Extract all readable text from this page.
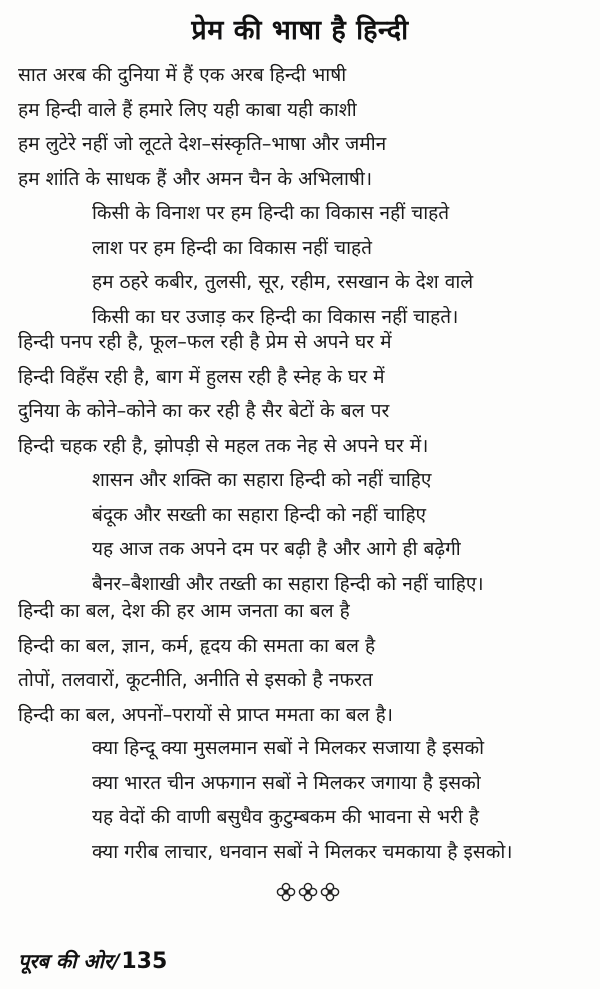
प्रेम की भाषा है हिन्दी
सात अरब की दुनिया में हैं एक अरब हिन्दी भाषी
हम हिन्दी वाले हैं हमारे लिए यही काबा यही काशी
हम लुटेरे नहीं जो लूटते देश–संस्कृति–भाषा और जमीन
हम शांति के साधक हैं और अमन चैन के अभिलाषी।
किसी के विनाश पर हम हिन्दी का विकास नहीं चाहते
लाश पर हम हिन्दी का विकास नहीं चाहते
हम ठहरे कबीर, तुलसी, सूर, रहीम, रसखान के देश वाले
किसी का घर उजाड़ कर हिन्दी का विकास नहीं चाहते।
हिन्दी पनप रही है, फूल–फल रही है प्रेम से अपने घर में
हिन्दी विहँस रही है, बाग में हुलस रही है स्नेह के घर में
दुनिया के कोने–कोने का कर रही है सैर बेटों के बल पर
हिन्दी चहक रही है, झोपड़ी से महल तक नेह से अपने घर में।
शासन और शक्ति का सहारा हिन्दी को नहीं चाहिए
बंदूक और सख्ती का सहारा हिन्दी को नहीं चाहिए
यह आज तक अपने दम पर बढ़ी है और आगे ही बढ़ेगी
बैनर–बैशाखी और तख्ती का सहारा हिन्दी को नहीं चाहिए।
हिन्दी का बल, देश की हर आम जनता का बल है
हिन्दी का बल, ज्ञान, कर्म, हृदय की समता का बल है
तोपों, तलवारों, कूटनीति, अनीति से इसको है नफरत
हिन्दी का बल, अपनों–परायों से प्राप्त ममता का बल है।
क्या हिन्दू क्या मुसलमान सबों ने मिलकर सजाया है इसको
क्या भारत चीन अफगान सबों ने मिलकर जगाया है इसको
यह वेदों की वाणी बसुधैव कुटुम्बकम की भावना से भरी है
क्या गरीब लाचार, धनवान सबों ने मिलकर चमकाया है इसको।
पूरब की ओर/135
